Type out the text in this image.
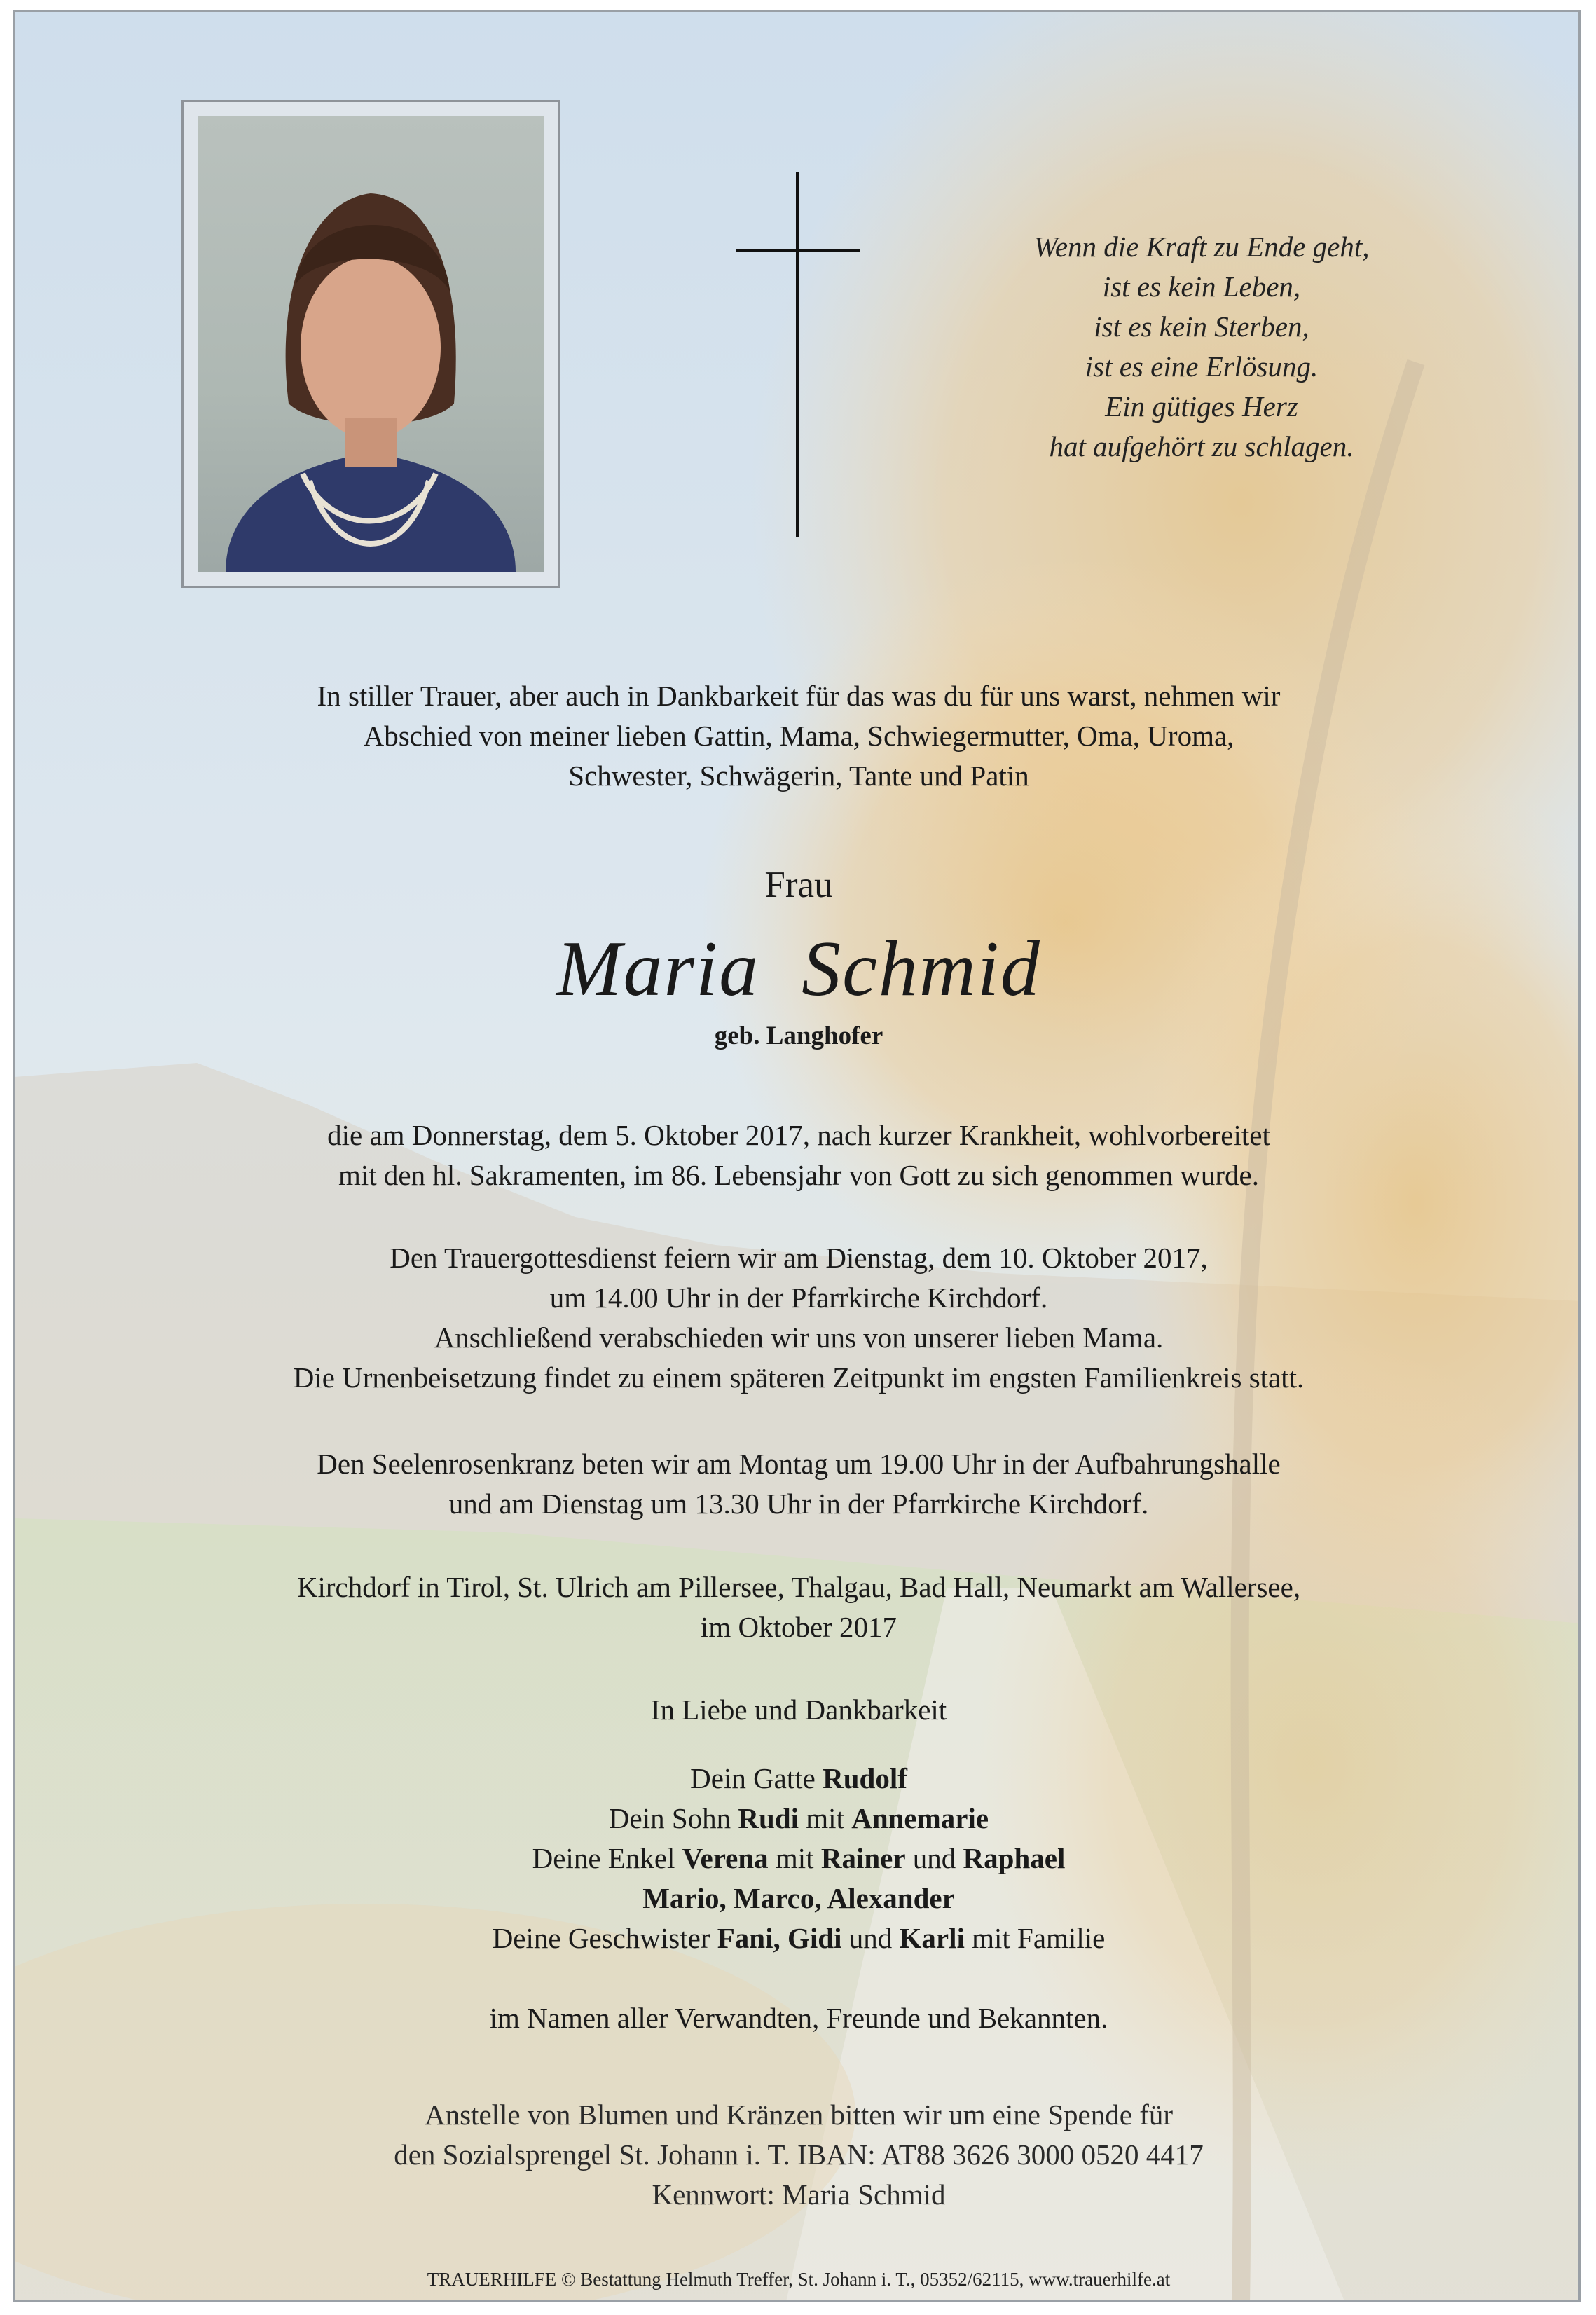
Wenn die Kraft zu Ende geht,
ist es kein Leben,
ist es kein Sterben,
ist es eine Erlösung.
Ein gütiges Herz
hat aufgehört zu schlagen.
In stiller Trauer, aber auch in Dankbarkeit für das was du für uns warst, nehmen wir
Abschied von meiner lieben Gattin, Mama, Schwiegermutter, Oma, Uroma,
Schwester, Schwägerin, Tante und Patin
Frau
Maria  Schmid
geb. Langhofer
die am Donnerstag, dem 5. Oktober 2017, nach kurzer Krankheit, wohlvorbereitet
mit den hl. Sakramenten, im 86. Lebensjahr von Gott zu sich genommen wurde.
Den Trauergottesdienst feiern wir am Dienstag, dem 10. Oktober 2017,
um 14.00 Uhr in der Pfarrkirche Kirchdorf.
Anschließend verabschieden wir uns von unserer lieben Mama.
Die Urnenbeisetzung findet zu einem späteren Zeitpunkt im engsten Familienkreis statt.
Den Seelenrosenkranz beten wir am Montag um 19.00 Uhr in der Aufbahrungshalle
und am Dienstag um 13.30 Uhr in der Pfarrkirche Kirchdorf.
Kirchdorf in Tirol, St. Ulrich am Pillersee, Thalgau, Bad Hall, Neumarkt am Wallersee,
im Oktober 2017
In Liebe und Dankbarkeit
Dein Gatte Rudolf
Dein Sohn Rudi mit Annemarie
Deine Enkel Verena mit Rainer und Raphael
Mario, Marco, Alexander
Deine Geschwister Fani, Gidi und Karli mit Familie
im Namen aller Verwandten, Freunde und Bekannten.
Anstelle von Blumen und Kränzen bitten wir um eine Spende für
den Sozialsprengel St. Johann i. T. IBAN: AT88 3626 3000 0520 4417
Kennwort: Maria Schmid
TRAUERHILFE © Bestattung Helmuth Treffer, St. Johann i. T., 05352/62115, www.trauerhilfe.at
